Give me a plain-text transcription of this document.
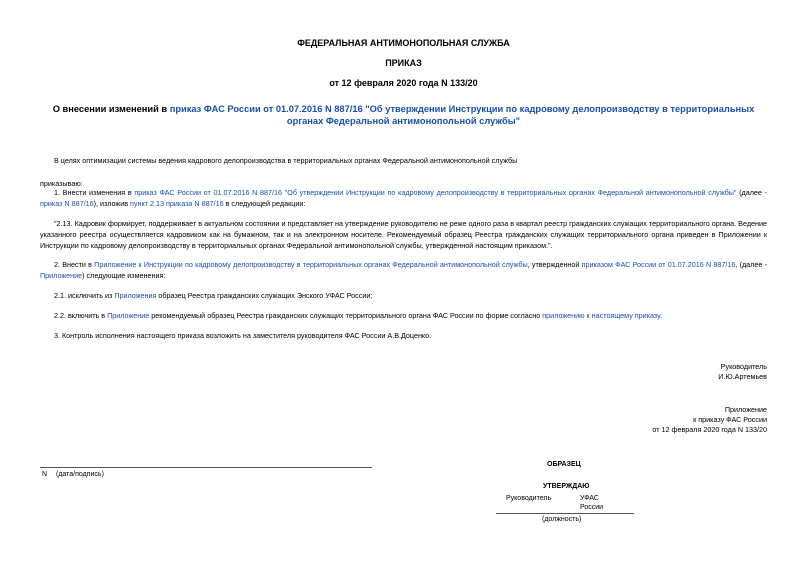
ФЕДЕРАЛЬНАЯ АНТИМОНОПОЛЬНАЯ СЛУЖБА
ПРИКАЗ
от 12 февраля 2020 года N 133/20
О внесении изменений в приказ ФАС России от 01.07.2016 N 887/16 "Об утверждении Инструкции по кадровому делопроизводству в территориальных органах Федеральной антимонопольной службы"
В целях оптимизации системы ведения кадрового делопроизводства в территориальных органах Федеральной антимонопольной службы
приказываю:
1. Внести изменения в приказ ФАС России от 01.07.2016 N 887/16 "Об утверждении Инструкции по кадровому делопроизводству в территориальных органах Федеральной антимонопольной службы" (далее - приказ N 887/16), изложив пункт 2.13 приказа N 887/16 в следующей редакции:
"2.13. Кадровик формирует, поддерживает в актуальном состоянии и представляет на утверждение руководителю не реже одного раза в квартал реестр гражданских служащих территориального органа. Ведение указанного реестра осуществляется кадровиком как на бумажном, так и на электронном носителе. Рекомендуемый образец Реестра гражданских служащих территориального органа приведен в Приложении к Инструкции по кадровому делопроизводству в территориальных органах Федеральной антимонопольной службы, утвержденной настоящим приказом.".
2. Внести в Приложение к Инструкции по кадровому делопроизводству в территориальных органах Федеральной антимонопольной службы, утвержденной приказом ФАС России от 01.07.2016 N 887/16, (далее - Приложение) следующие изменения:
2.1. исключить из Приложения образец Реестра гражданских служащих Энского УФАС России;
2.2. включить в Приложение рекомендуемый образец Реестра гражданских служащих территориального органа ФАС России по форме согласно приложению к настоящему приказу.
3. Контроль исполнения настоящего приказа возложить на заместителя руководителя ФАС России А.В.Доценко.
Руководитель
И.Ю.Артемьев
Приложение
к приказу ФАС России
от 12 февраля 2020 года N 133/20
N (дата/подпись)
ОБРАЗЕЦ
УТВЕРЖДАЮ
Руководитель	УФАС
России
(должность)
